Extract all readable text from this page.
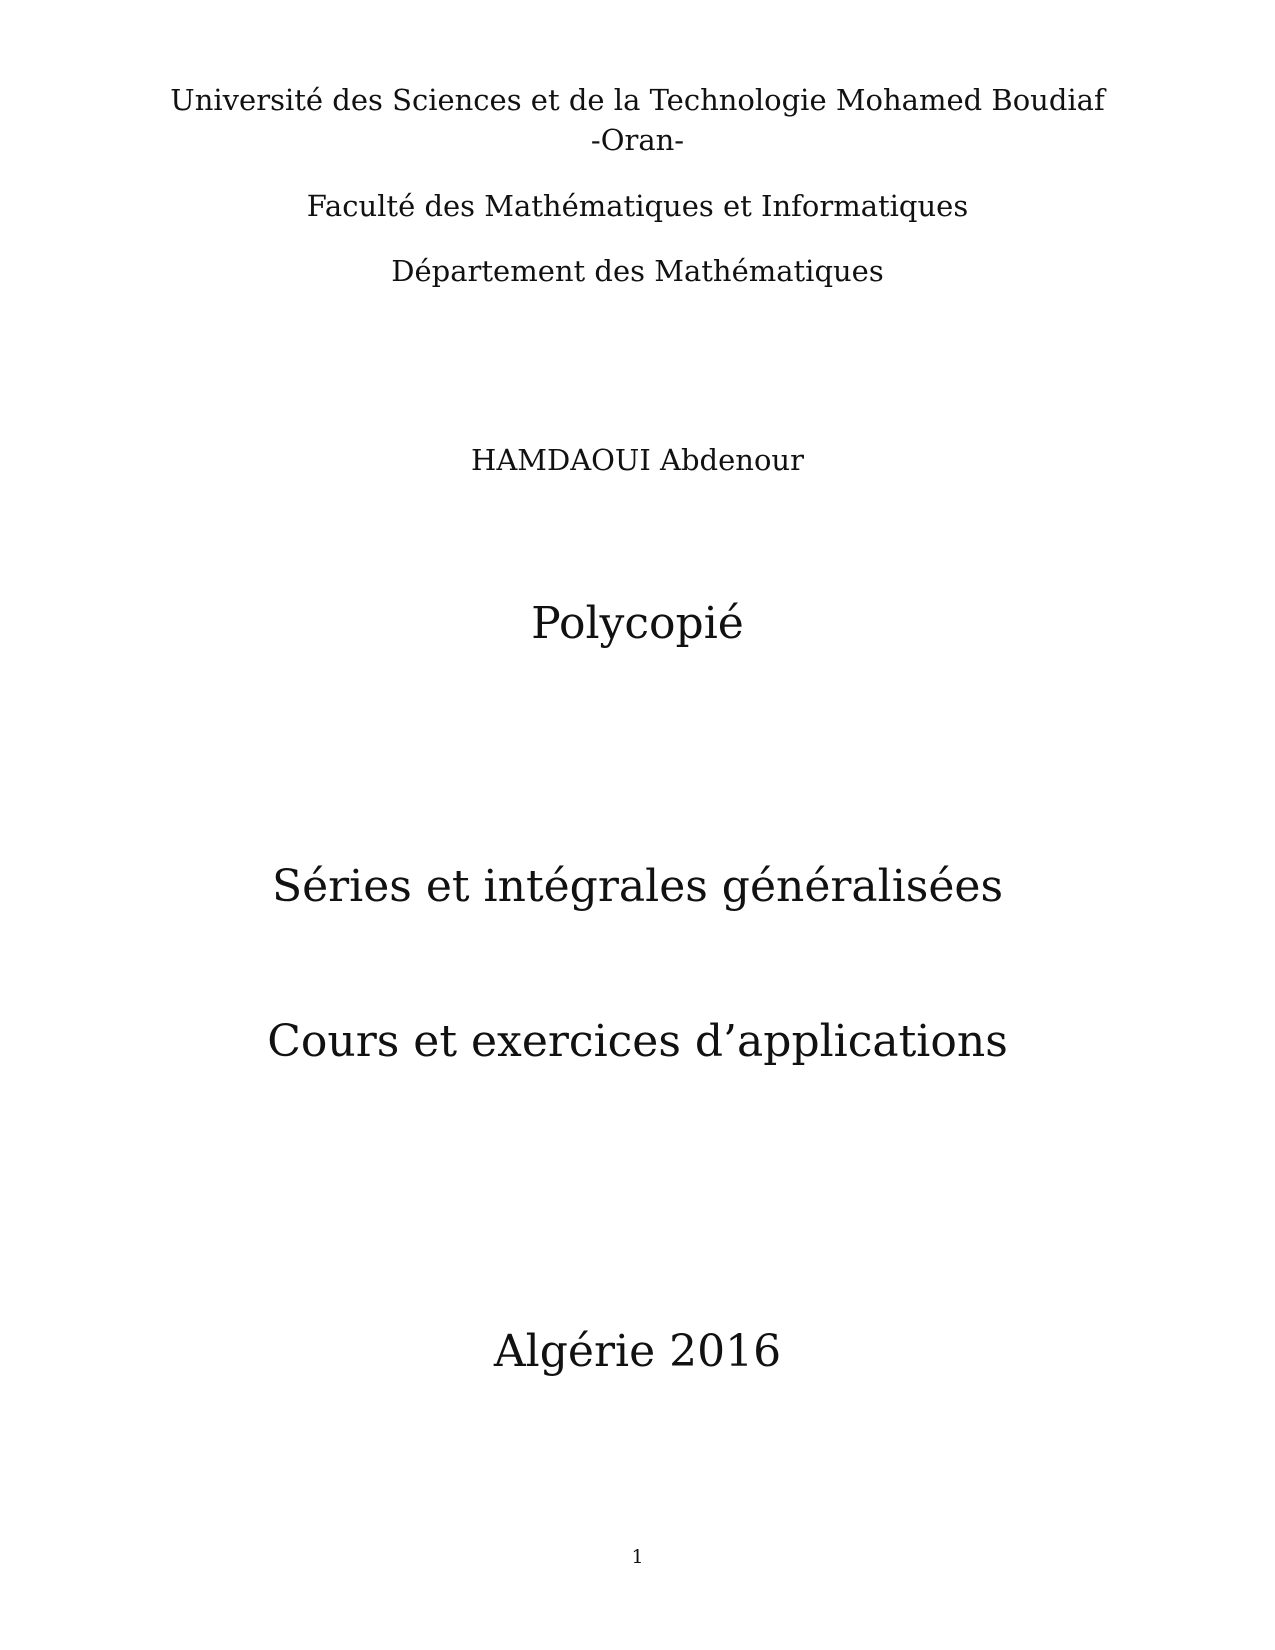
Université des Sciences et de la Technologie Mohamed Boudiaf
-Oran-
Faculté des Mathématiques et Informatiques
Département des Mathématiques
HAMDAOUI Abdenour
Polycopié
Séries et intégrales généralisées
Cours et exercices d’applications
Algérie 2016
1
